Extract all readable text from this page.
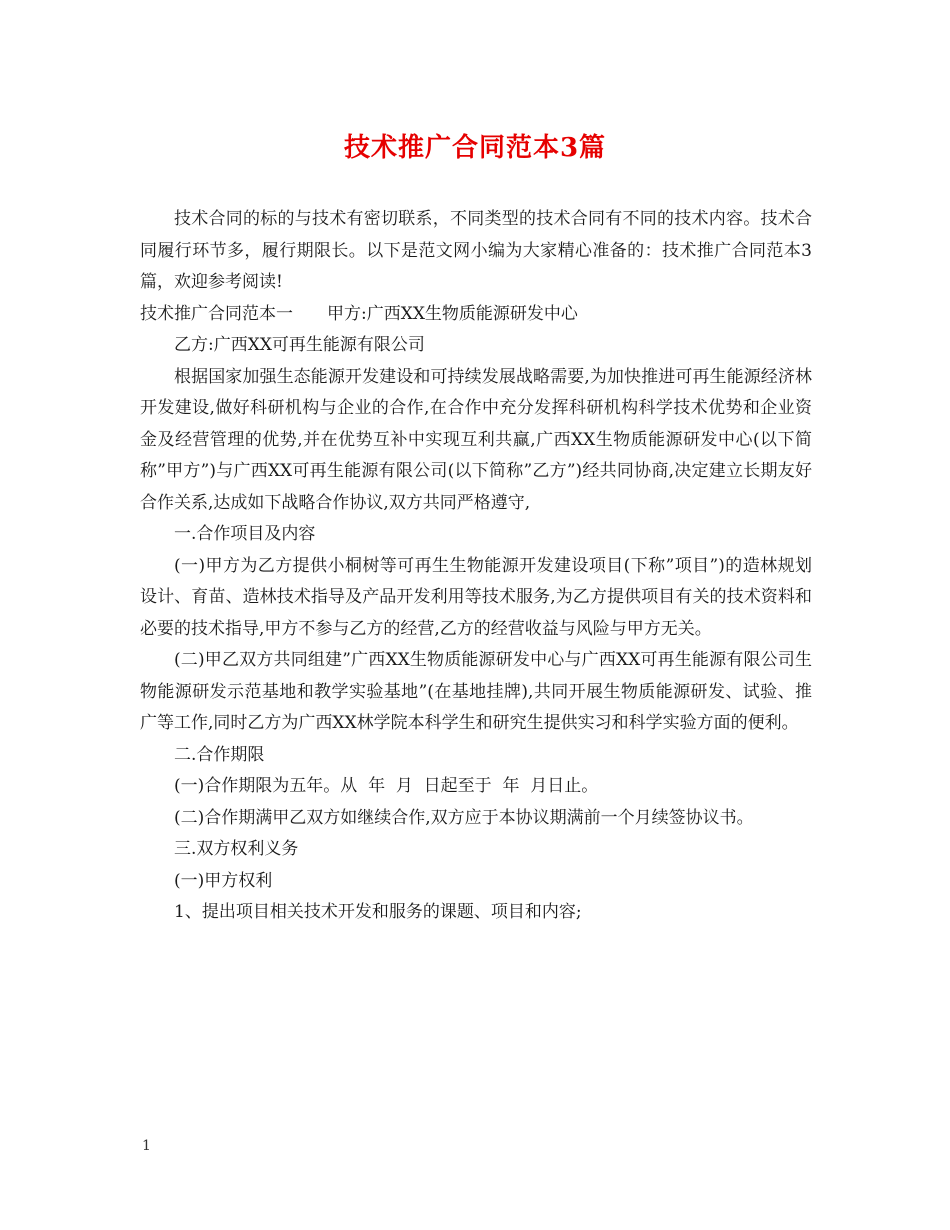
技术推广合同范本3篇

技术合同的标的与技术有密切联系，不同类型的技术合同有不同的技术内容。技术合同履行环节多，履行期限长。以下是范文网小编为大家精心准备的：技术推广合同范本3篇，欢迎参考阅读!

技术推广合同范本一　　甲方:广西XX生物质能源研发中心

乙方:广西XX可再生能源有限公司

根据国家加强生态能源开发建设和可持续发展战略需要,为加快推进可再生能源经济林开发建设,做好科研机构与企业的合作,在合作中充分发挥科研机构科学技术优势和企业资金及经营管理的优势,并在优势互补中实现互利共赢,广西XX生物质能源研发中心(以下简称”甲方”)与广西XX可再生能源有限公司(以下简称”乙方”)经共同协商,决定建立长期友好合作关系,达成如下战略合作协议,双方共同严格遵守,

一.合作项目及内容

(一)甲方为乙方提供小桐树等可再生生物能源开发建设项目(下称”项目”)的造林规划设计、育苗、造林技术指导及产品开发利用等技术服务,为乙方提供项目有关的技术资料和必要的技术指导,甲方不参与乙方的经营,乙方的经营收益与风险与甲方无关。

(二)甲乙双方共同组建”广西XX生物质能源研发中心与广西XX可再生能源有限公司生物能源研发示范基地和教学实验基地”(在基地挂牌),共同开展生物质能源研发、试验、推广等工作,同时乙方为广西XX林学院本科学生和研究生提供实习和科学实验方面的便利。

二.合作期限

(一)合作期限为五年。从  年  月  日起至于  年  月日止。

(二)合作期满甲乙双方如继续合作,双方应于本协议期满前一个月续签协议书。

三.双方权利义务

(一)甲方权利

1、提出项目相关技术开发和服务的课题、项目和内容;

1
